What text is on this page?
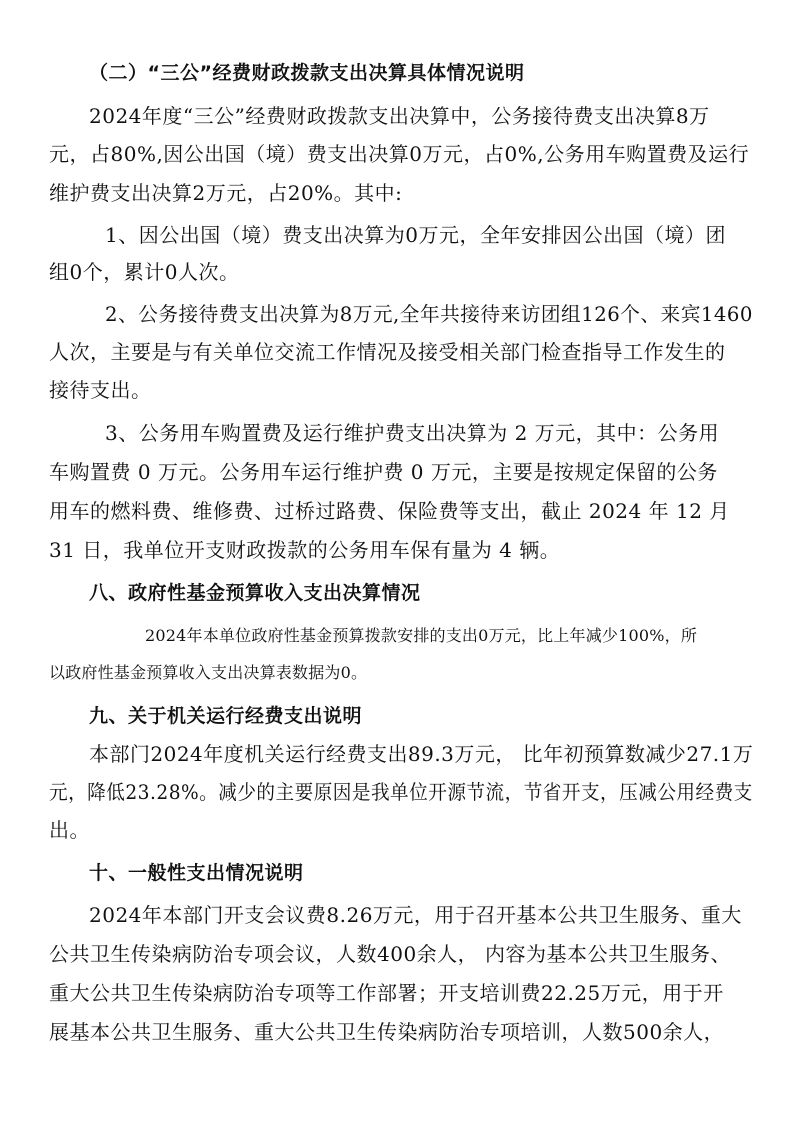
（二）“三公”经费财政拨款支出决算具体情况说明
2024年度“三公”经费财政拨款支出决算中，公务接待费支出决算8万
元，占80%,因公出国（境）费支出决算0万元，占0%,公务用车购置费及运行
维护费支出决算2万元，占20%。其中:
1、因公出国（境）费支出决算为0万元，全年安排因公出国（境）团
组0个，累计0人次。
2、公务接待费支出决算为8万元,全年共接待来访团组126个、来宾1460
人次，主要是与有关单位交流工作情况及接受相关部门检查指导工作发生的
接待支出。
3、公务用车购置费及运行维护费支出决算为 2 万元，其中：公务用
车购置费 0 万元。公务用车运行维护费 0 万元，主要是按规定保留的公务
用车的燃料费、维修费、过桥过路费、保险费等支出，截止 2024 年 12 月
31 日，我单位开支财政拨款的公务用车保有量为 4 辆。
八、政府性基金预算收入支出决算情况
2024年本单位政府性基金预算拨款安排的支出0万元，比上年减少100%，所
以政府性基金预算收入支出决算表数据为0。
九、关于机关运行经费支出说明
本部门2024年度机关运行经费支出89.3万元， 比年初预算数减少27.1万
元，降低23.28%。减少的主要原因是我单位开源节流，节省开支，压减公用经费支
出。
十、一般性支出情况说明
2024年本部门开支会议费8.26万元，用于召开基本公共卫生服务、重大
公共卫生传染病防治专项会议，人数400余人， 内容为基本公共卫生服务、
重大公共卫生传染病防治专项等工作部署；开支培训费22.25万元，用于开
展基本公共卫生服务、重大公共卫生传染病防治专项培训，人数500余人，
